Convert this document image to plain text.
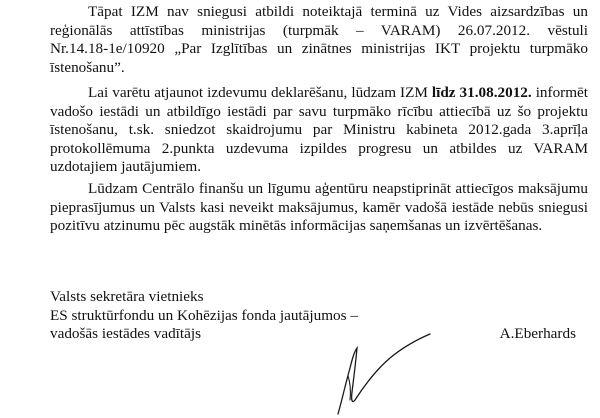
Tāpat IZM nav sniegusi atbildi noteiktajā terminā uz Vides aizsardzības un
reģionālās attīstības ministrijas (turpmāk – VARAM) 26.07.2012. vēstuli
Nr.14.18-1e/10920 „Par Izglītības un zinātnes ministrijas IKT projektu turpmāko
īstenošanu”.
Lai varētu atjaunot izdevumu deklarēšanu, lūdzam IZM līdz 31.08.2012. informēt
vadošo iestādi un atbildīgo iestādi par savu turpmāko rīcību attiecībā uz šo projektu
īstenošanu, t.sk. sniedzot skaidrojumu par Ministru kabineta 2012.gada 3.aprīļa
protokollēmuma 2.punkta uzdevuma izpildes progresu un atbildes uz VARAM
uzdotajiem jautājumiem.
Lūdzam Centrālo finanšu un līgumu aģentūru neapstiprināt attiecīgos maksājumu
pieprasījumus un Valsts kasi neveikt maksājumus, kamēr vadošā iestāde nebūs sniegusi
pozitīvu atzinumu pēc augstāk minētās informācijas saņemšanas un izvērtēšanas.
Valsts sekretāra vietnieks
ES struktūrfondu un Kohēzijas fonda jautājumos –
vadošās iestādes vadītājs	A.Eberhards
